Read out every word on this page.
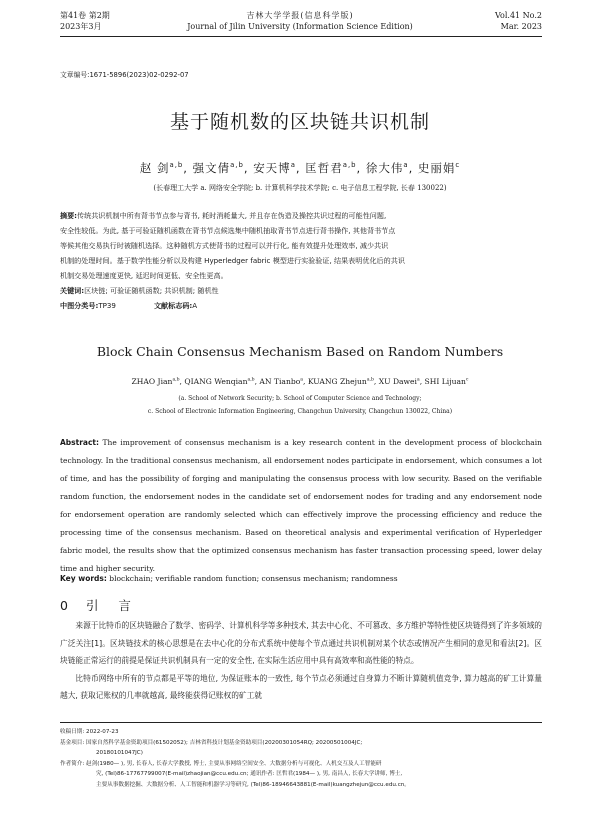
第41卷 第2期
2023年3月
吉林大学学报(信息科学版)
Journal of Jilin University (Information Science Edition)
Vol.41 No.2
Mar. 2023
文章编号:1671-5896(2023)02-0292-07
基于随机数的区块链共识机制
赵 剑$^{a,b}$, 强文倩$^{a,b}$, 安天博$^a$, 匡哲君$^{a,b}$, 徐大伟$^a$, 史丽娟$^c$
(长春理工大学 a. 网络安全学院; b. 计算机科学技术学院; c. 电子信息工程学院, 长春 130022)
摘要:传统共识机制中所有背书节点参与背书, 耗时消耗量大, 并且存在伪造及操控共识过程的可能性问题,
安全性较低。为此, 基于可验证随机函数在背书节点候选集中随机抽取背书节点进行背书操作, 其他背书节点
等候其他交易执行时被随机选择。这种随机方式使背书的过程可以并行化, 能有效提升处理效率, 减少共识
机制的处理时间。基于数学性能分析以及构建 Hyperledger fabric 模型进行实验验证, 结果表明优化后的共识
机制交易处理速度更快, 延迟时间更低、安全性更高。
关键词:区块链; 可验证随机函数; 共识机制; 随机性
中图分类号:TP39	文献标志码:A
Block Chain Consensus Mechanism Based on Random Numbers
ZHAO Jian$^{a,b}$, QIANG Wenqian$^{a,b}$, AN Tianbo$^a$, KUANG Zhejun$^{a,b}$, XU Dawei$^a$, SHI Lijuan$^c$
(a. School of Network Security; b. School of Computer Science and Technology;
c. School of Electronic Information Engineering, Changchun University, Changchun 130022, China)
Abstract: The improvement of consensus mechanism is a key research content in the development process of blockchain technology. In the traditional consensus mechanism, all endorsement nodes participate in endorsement, which consumes a lot of time, and has the possibility of forging and manipulating the consensus process with low security. Based on the verifiable random function, the endorsement nodes in the candidate set of endorsement nodes for trading and any endorsement node for endorsement operation are randomly selected which can effectively improve the processing efficiency and reduce the processing time of the consensus mechanism. Based on theoretical analysis and experimental verification of Hyperledger fabric model, the results show that the optimized consensus mechanism has faster transaction processing speed, lower delay time and higher security.
Key words: blockchain; verifiable random function; consensus mechanism; randomness
0 引 言

来源于比特币的区块链融合了数学、密码学、计算机科学等多种技术, 其去中心化、不可篡改、多方维护等特性使区块链得到了许多领域的广泛关注[1]。区块链技术的核心思想是在去中心化的分布式系统中使每个节点通过共识机制对某个状态或情况产生相同的意见和看法[2]。区块链能正常运行的前提是保证共识机制具有一定的安全性, 在实际生活应用中具有高效率和高性能的特点。

比特币网络中所有的节点都是平等的地位, 为保证账本的一致性, 每个节点必须通过自身算力不断计算随机值竞争, 算力越高的矿工计算量越大, 获取记账权的几率就越高, 最终能获得记账权的矿工就

收稿日期: 2022-07-23
基金项目: 国家自然科学基金资助项目(61502052); 吉林省科技计划基金资助项目(20200301054RQ; 20200501004JC;
20180101047JC)
作者简介: 赵剑(1980— ), 男, 长春人, 长春大学教授, 博士, 主要从事网络空间安全、大数据分析与可视化、人机交互及人工智能研
究, (Tel)86-17767799007(E-mail)zhaojian@ccu.edu.cn; 通讯作者: 匡哲君(1984— ), 男, 南昌人, 长春大学讲师, 博士,
主要从事数据挖掘、大数据分析、人工智能和机器学习等研究, (Tel)86-18946643881(E-mail)kuangzhejun@ccu.edu.cn。
